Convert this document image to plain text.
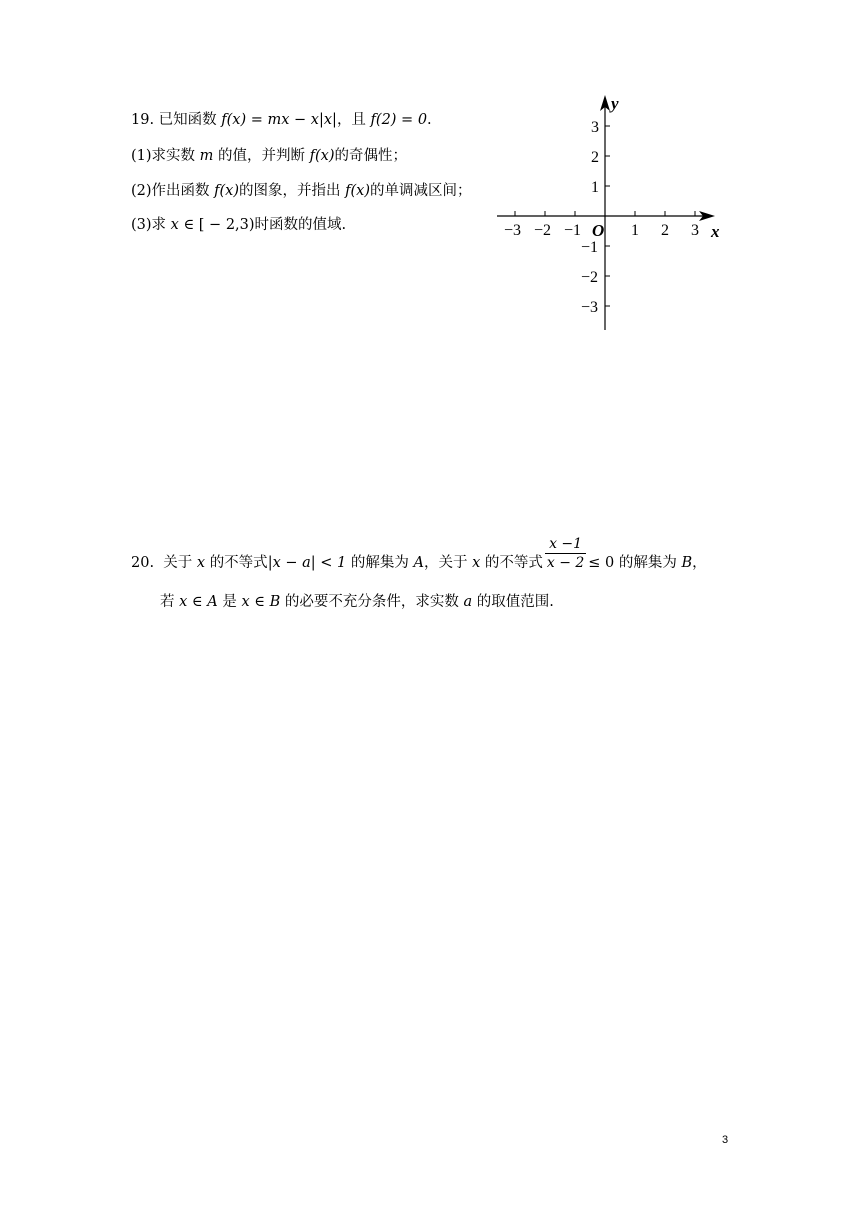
19. 已知函数 f(x) = mx − x|x|，且 f(2) = 0.
(1)求实数 m 的值，并判断 f(x)的奇偶性；
(2)作出函数 f(x)的图象，并指出 f(x)的单调减区间；
(3)求 x ∈ [ − 2,3)时函数的值域.	−3 −2 −1	1 2 3
3
2
1
−1
−2
−3
O	x
y
20. 关于 x 的不等式|x − a| < 1 的解集为 A，关于 x 的不等式 $\frac{x -1}{x - 2} \le 0$ 的解集为 B，
若 x ∈ A 是 x ∈ B 的必要不充分条件，求实数 a 的取值范围.
3
